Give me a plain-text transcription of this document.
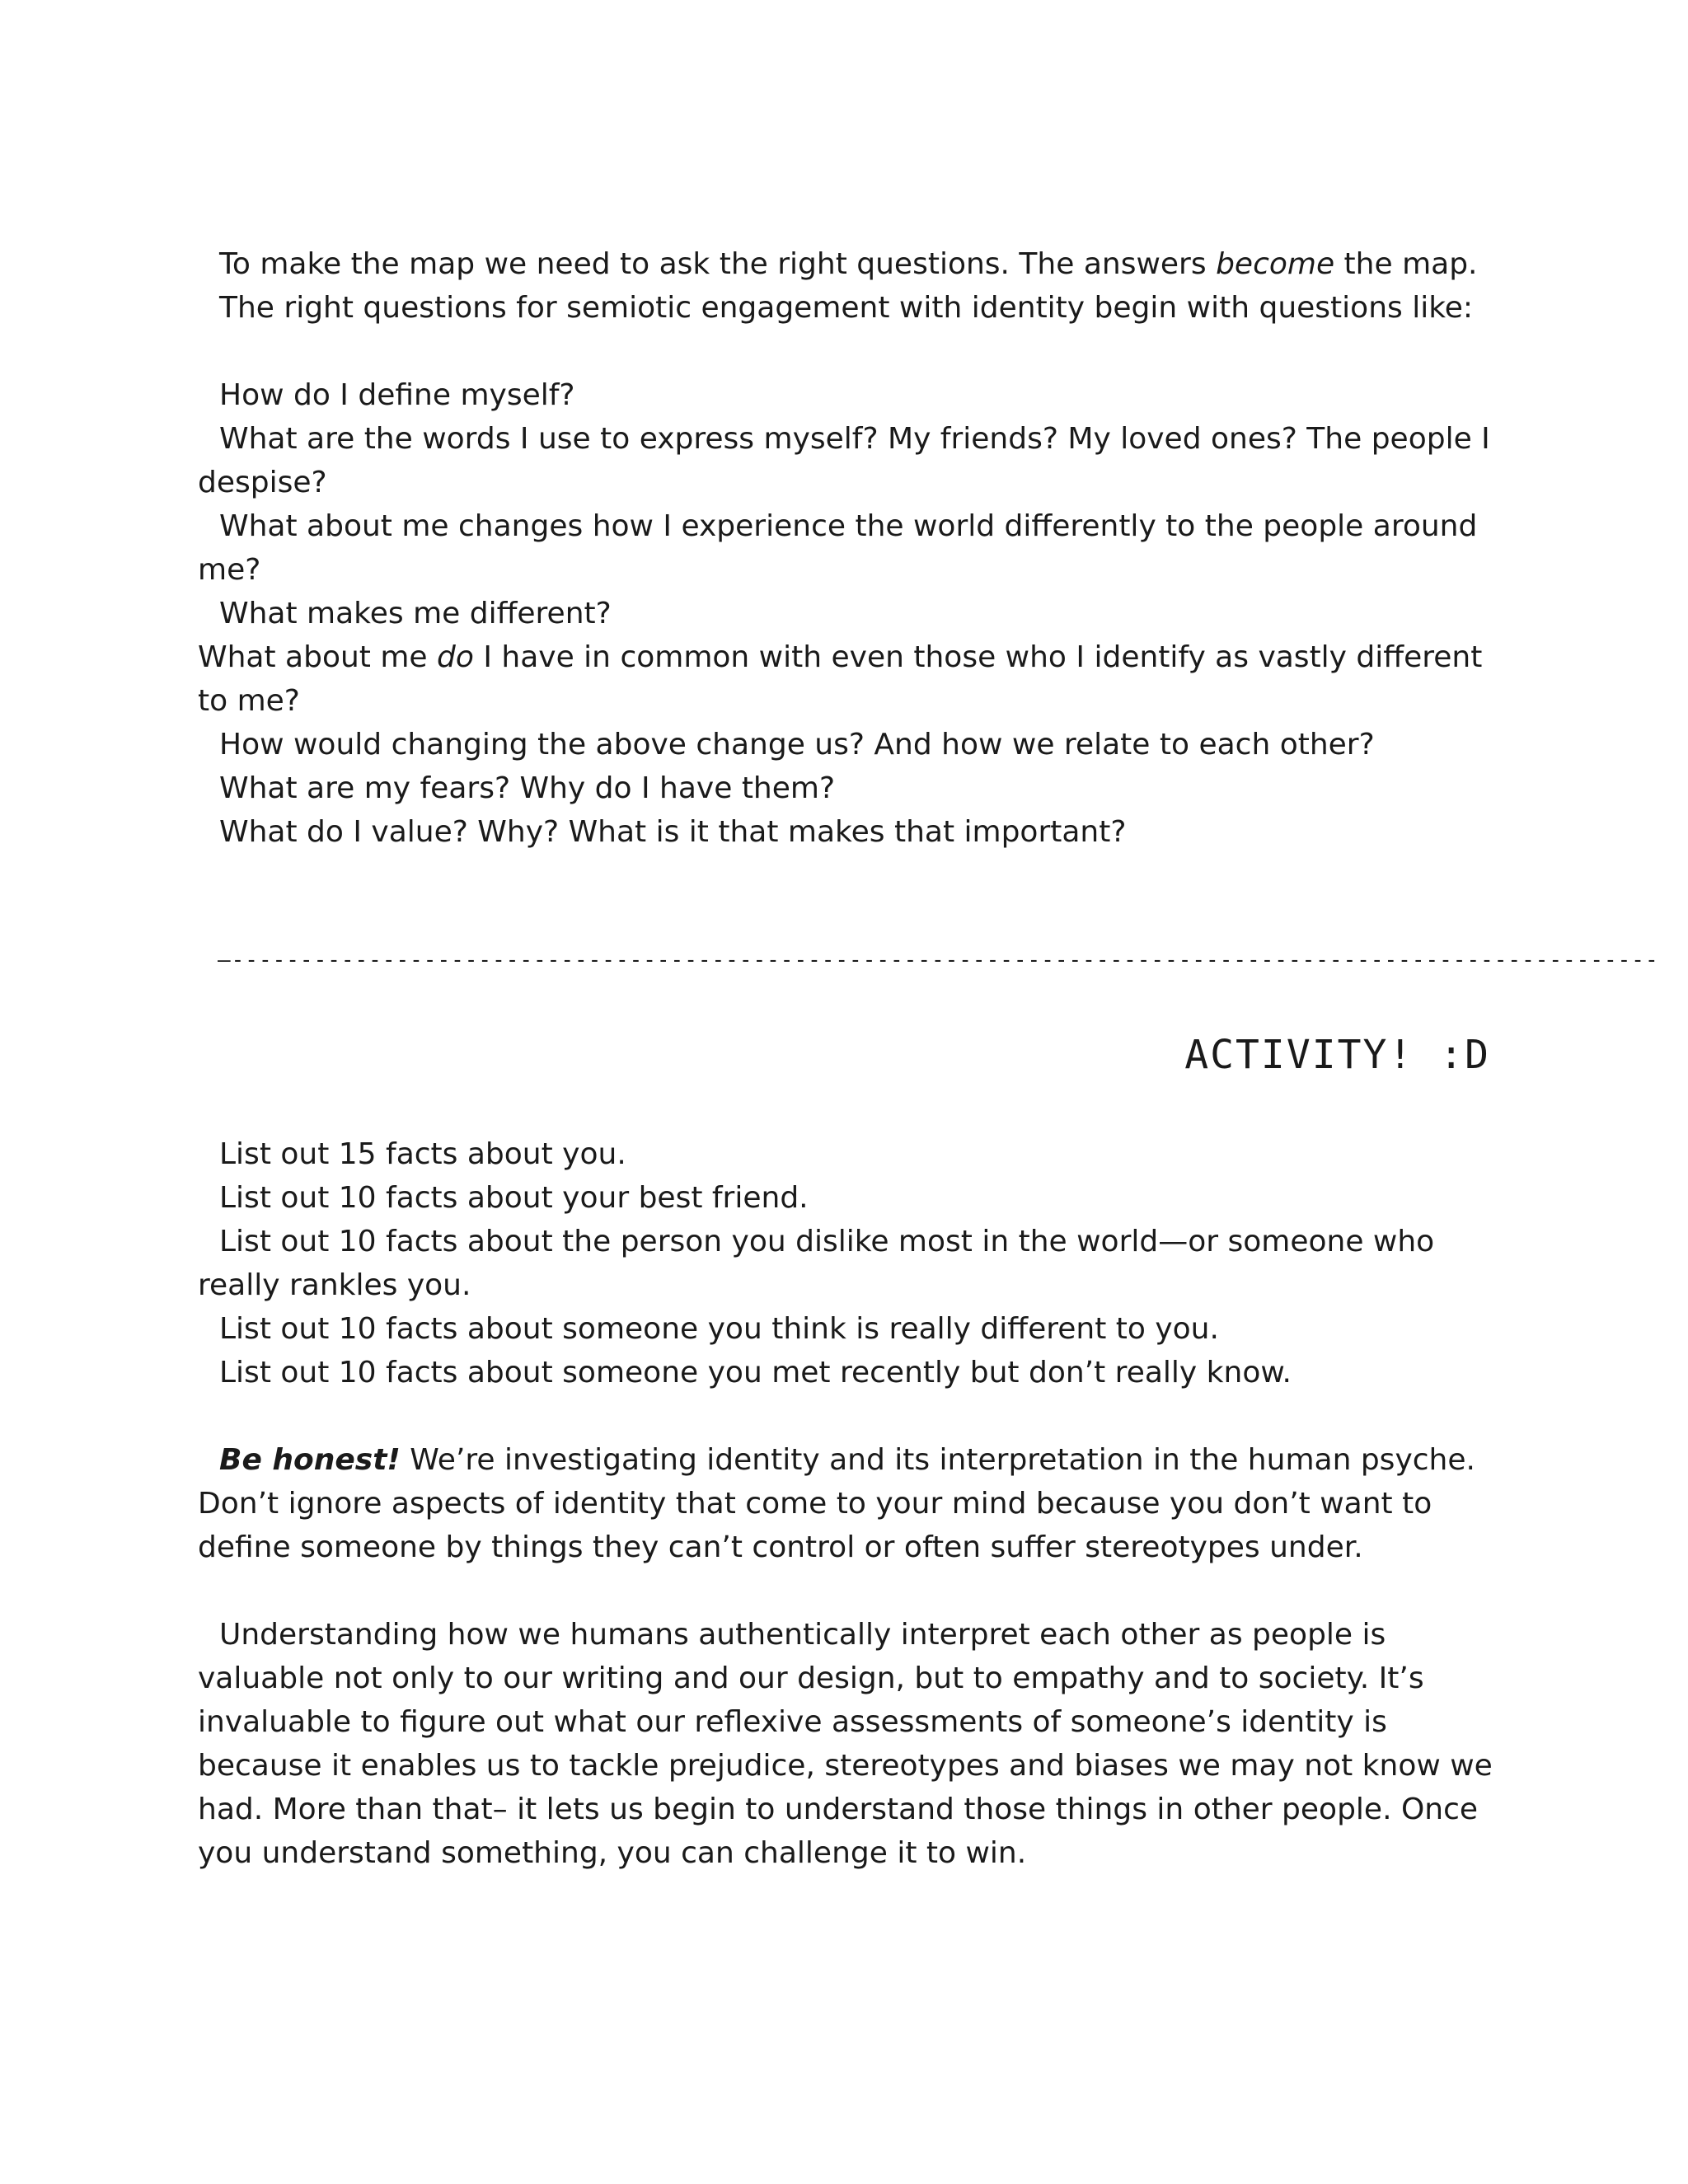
To make the map we need to ask the right questions. The answers become the map.

The right questions for semiotic engagement with identity begin with questions like:

How do I define myself?

What are the words I use to express myself? My friends? My loved ones? The people I despise?

What about me changes how I experience the world differently to the people around me?

What makes me different?

What about me do I have in common with even those who I identify as vastly different to me?

How would changing the above change us? And how we relate to each other?

What are my fears? Why do I have them?

What do I value? Why? What is it that makes that important?

—--------------------------------------------------------------------------------------------------------
ACTIVITY! :D

List out 15 facts about you.

List out 10 facts about your best friend.

List out 10 facts about the person you dislike most in the world—or someone who really rankles you.

List out 10 facts about someone you think is really different to you.

List out 10 facts about someone you met recently but don’t really know.

Be honest! We’re investigating identity and its interpretation in the human psyche. Don’t ignore aspects of identity that come to your mind because you don’t want to define someone by things they can’t control or often suffer stereotypes under.

Understanding how we humans authentically interpret each other as people is valuable not only to our writing and our design, but to empathy and to society. It’s invaluable to figure out what our reflexive assessments of someone’s identity is because it enables us to tackle prejudice, stereotypes and biases we may not know we had. More than that– it lets us begin to understand those things in other people. Once you understand something, you can challenge it to win.
